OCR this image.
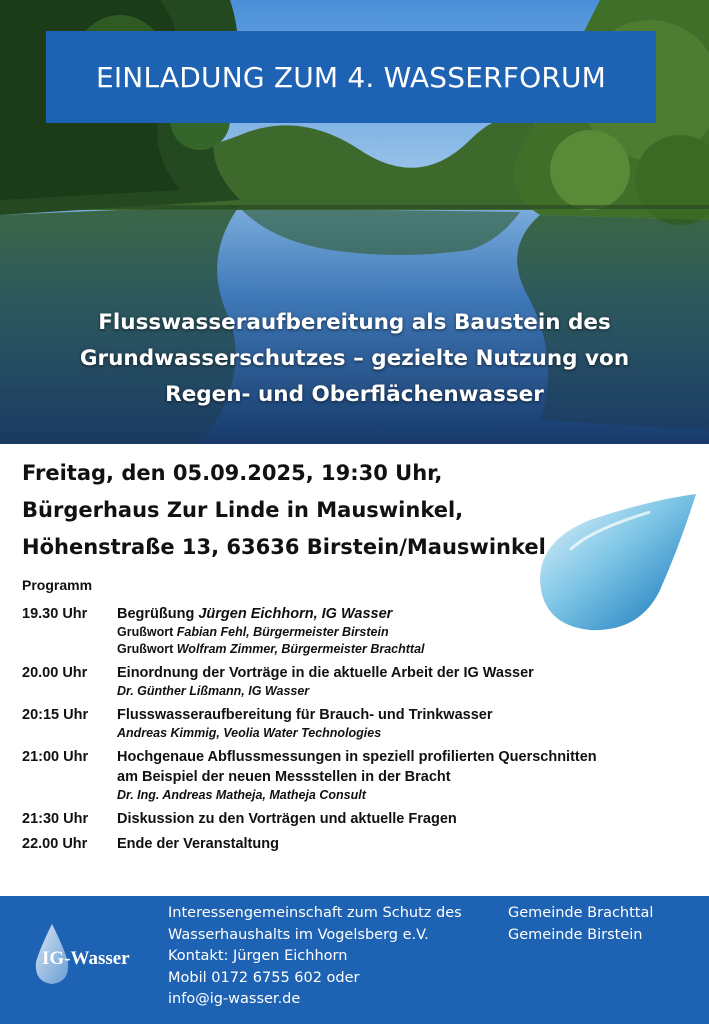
EINLADUNG ZUM 4. WASSERFORUM
Flusswasseraufbereitung als Baustein des
Grundwasserschutzes – gezielte Nutzung von
Regen- und Oberflächenwasser
Freitag, den 05.09.2025, 19:30 Uhr,
Bürgerhaus Zur Linde in Mauswinkel,
Höhenstraße 13, 63636 Birstein/Mauswinkel
Programm
19.30 Uhr	Begrüßung Jürgen Eichhorn, IG Wasser
Grußwort Fabian Fehl, Bürgermeister Birstein
Grußwort Wolfram Zimmer, Bürgermeister Brachttal
20.00 Uhr	Einordnung der Vorträge in die aktuelle Arbeit der IG Wasser
Dr. Günther Lißmann, IG Wasser
20:15 Uhr	Flusswasseraufbereitung für Brauch- und Trinkwasser
Andreas Kimmig, Veolia Water Technologies
21:00 Uhr	Hochgenaue Abflussmessungen in speziell profilierten Querschnitten
am Beispiel der neuen Messstellen in der Bracht
Dr. Ing. Andreas Matheja, Matheja Consult
21:30 Uhr	Diskussion zu den Vorträgen und aktuelle Fragen
22.00 Uhr	Ende der Veranstaltung
IG-Wasser
Interessengemeinschaft zum Schutz des
Wasserhaushalts im Vogelsberg e.V.
Kontakt: Jürgen Eichhorn
Mobil 0172 6755 602 oder
info@ig-wasser.de
Gemeinde Brachttal
Gemeinde Birstein
